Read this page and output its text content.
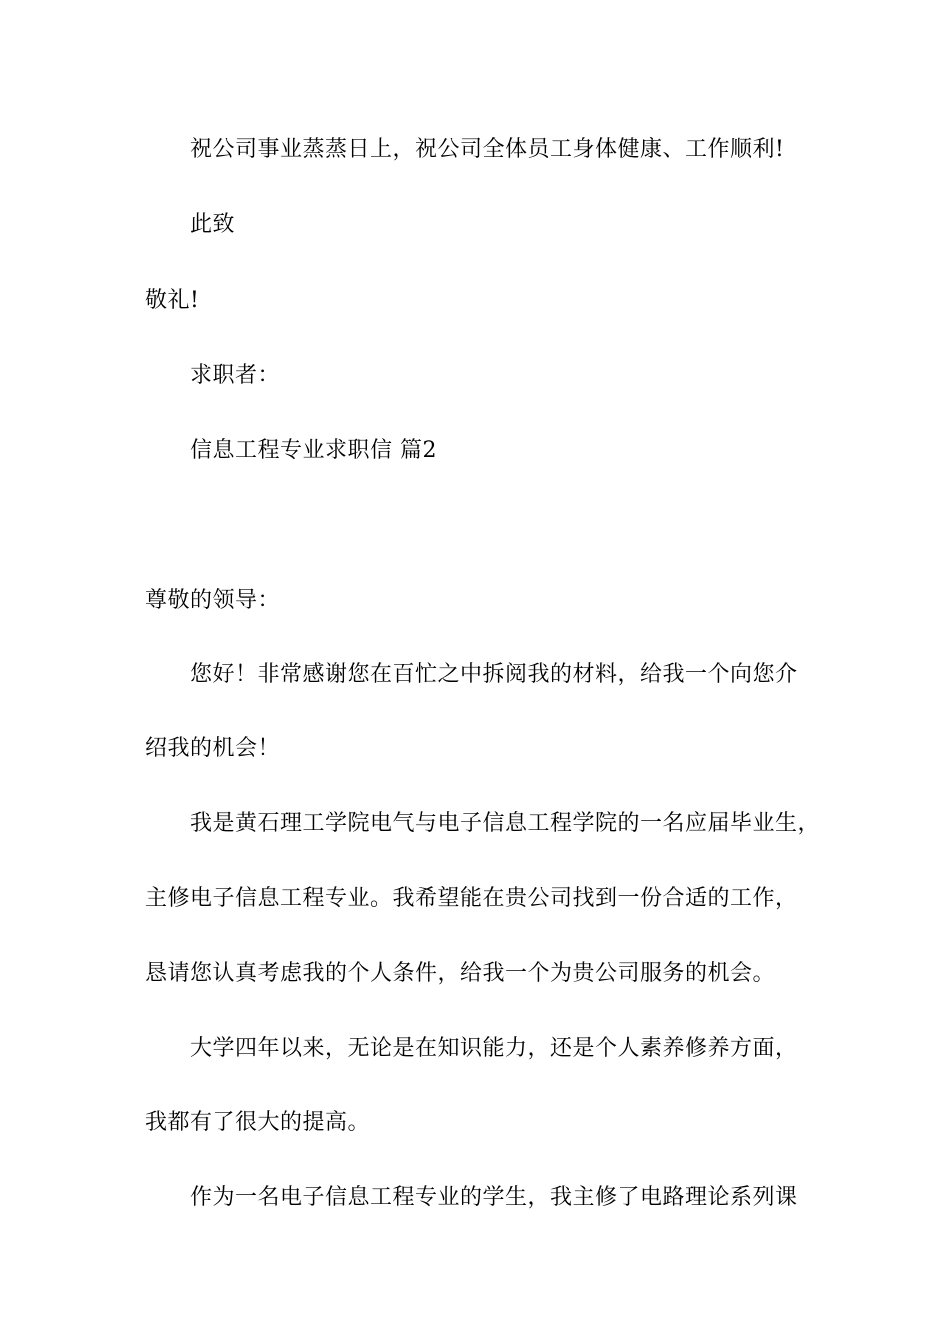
祝公司事业蒸蒸日上，祝公司全体员工身体健康、工作顺利!
此致
敬礼!
求职者：
信息工程专业求职信 篇2
尊敬的领导：
您好！非常感谢您在百忙之中拆阅我的材料，给我一个向您介
绍我的机会！
我是黄石理工学院电气与电子信息工程学院的一名应届毕业生，
主修电子信息工程专业。我希望能在贵公司找到一份合适的工作，
恳请您认真考虑我的个人条件，给我一个为贵公司服务的机会。
大学四年以来，无论是在知识能力，还是个人素养修养方面，
我都有了很大的提高。
作为一名电子信息工程专业的学生，我主修了电路理论系列课
